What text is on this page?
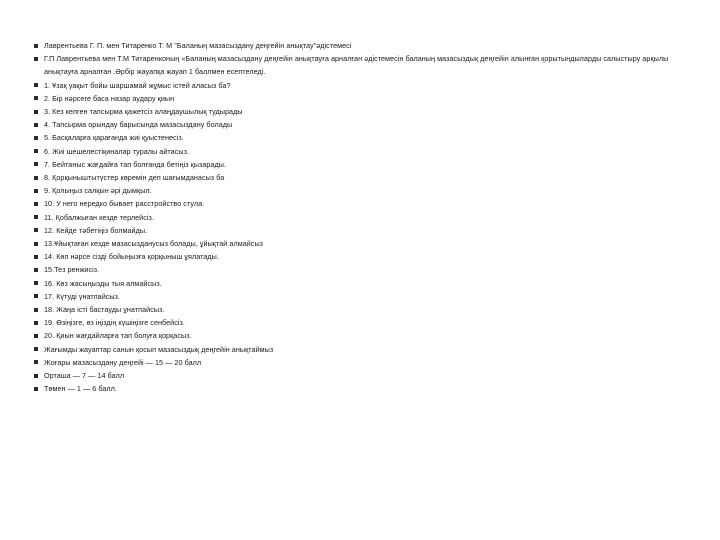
Лаврентьева Г. П. мен Титаренко Т. М "Баланың мазасыздану деңгейін анықтау"әдістемесі
Г.П Лаврентьева мен Т.М Титаренконың «Баланың мазасыздану деңгейін анықтауға арналған әдістемесін баланың мазасыздық деңгейін алынған қорытындыларды салыстыру арқылы анықтауға арналған .Әрбір жауапқа жауап 1 баллмен есептеледі.
1. Ұзақ уақыт бойы шаршамай жұмыс істей аласыз ба?
2. Бір нәрсеге баса назар аудару қиын
3. Кез келген тапсырма қажетсіз алаңдаушылық тудырады
4. Тапсырма орындау барысында мазасыздану болады
5. Басқаларға қарағанда жиі қуыстенесіз.
6. Жиі шешелестіқиналар туралы айтасыз.
7. Бейтаныс жағдайға тап болғанда бетіңіз қызарады.
8. Қорқыныштытүстер көремін деп шағымданасыз ба
9. Қолыңыз салқын әрі дымқыл.
10. У него нередко бывает расстройство стула.
11. Қобалжыған кезде терлейсіз.
12. Кейде тәбетіңіз болмайды.
13.Ұйықтаған кезде мазасызданусыз болады, ұйықтай алмайсыз
14. Көп нәрсе сізді бойыңызға қорқыныш ұялатады.
15.Тез ренжисіз.
16. Көз жасыңызды тыя алмайсыз.
17. Күтуді үнатпайсыз.
18. Жаңа істі бастауды ұнатпайсыз.
19. Өзіңізге, өз іңіздің күшіңізге сенбейсіз.
20. Қиын жағдайларға тап болуға қорқасыз.
Жағымды жауаптар санын қосып мазасыздық деңгейін анықтаймыз
Жоғары мазасыздану деңгейі — 15 — 20 балл
Орташа — 7 — 14 балл
Төмен — 1 — 6 балл.
